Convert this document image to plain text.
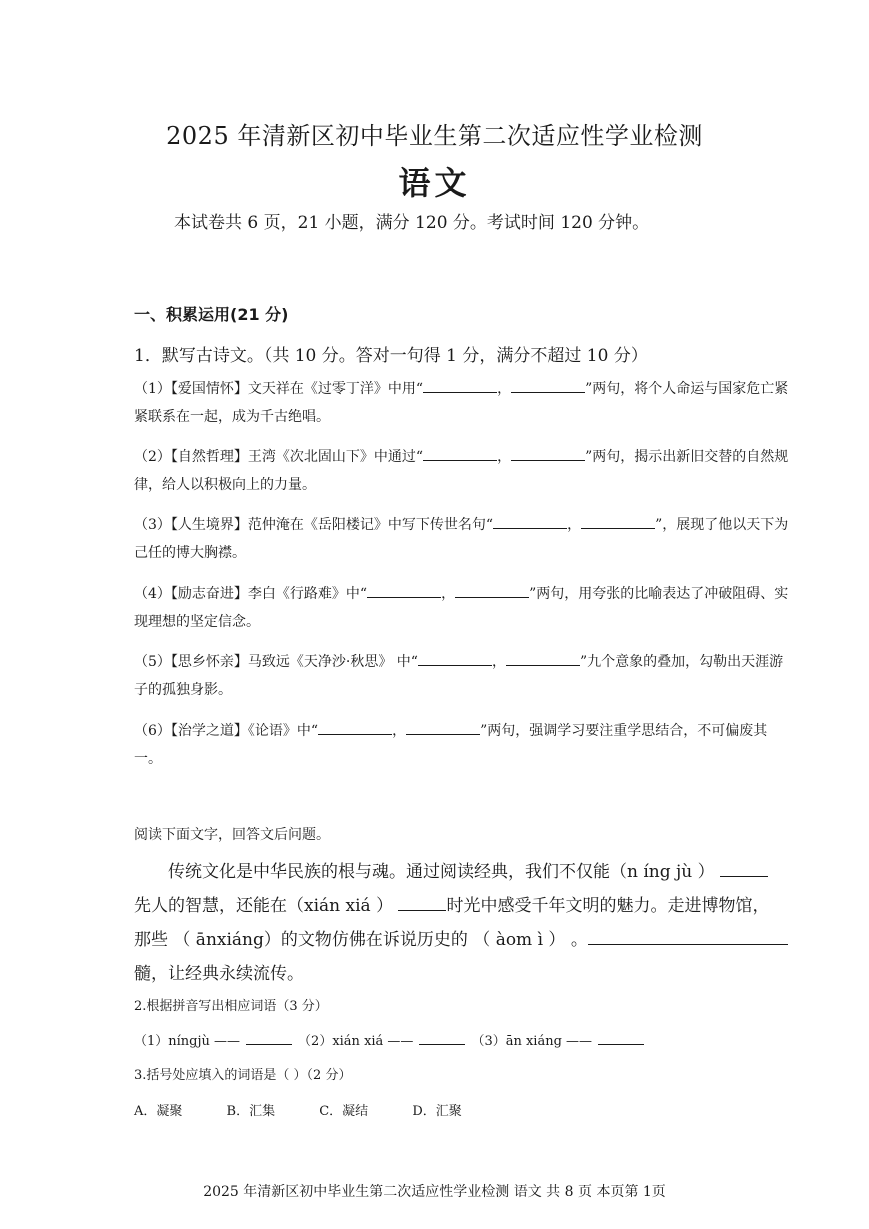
2025 年清新区初中毕业生第二次适应性学业检测
语文
本试卷共 6 页，21 小题，满分 120 分。考试时间 120 分钟。
一、积累运用(21 分)
1．默写古诗文。（共 10 分。答对一句得 1 分，满分不超过 10 分）
（1）【爱国情怀】文天祥在《过零丁洋》中用“	，	”两句，将个人命运与国家危亡紧紧联系在一起，成为千古绝唱。
（2）【自然哲理】王湾《次北固山下》中通过“	，	”两句，揭示出新旧交替的自然规律，给人以积极向上的力量。
（3）【人生境界】范仲淹在《岳阳楼记》中写下传世名句“	，	”，展现了他以天下为己任的博大胸襟。
（4）【励志奋进】李白《行路难》中“	，	”两句，用夸张的比喻表达了冲破阻碍、实现理想的坚定信念。
（5）【思乡怀亲】马致远《天净沙·秋思》 中“	，	”九个意象的叠加，勾勒出天涯游子的孤独身影。
（6）【治学之道】《论语》中“	，	”两句，强调学习要注重学思结合，不可偏废其一。
阅读下面文字，回答文后问题。
传统文化是中华民族的根与魂。通过阅读经典，我们不仅能（n íng jù ）
先人的智慧，还能在（xián xiá ）	时光中感受千年文明的魅力。走进博物馆，
那些 （ ānxiáng）的文物仿佛在诉说历史的 （ àom ì ） 。
髓，让经典永续流传。
2.根据拼音写出相应词语（3 分）
（1）níngjù ——	（2）xián xiá ——	（3）ān xiáng ——
3.括号处应填入的词语是（ ）（2 分）
A．凝聚	B．汇集	C．凝结	D．汇聚
2025 年清新区初中毕业生第二次适应性学业检测 语文 共 8 页 本页第 1页
